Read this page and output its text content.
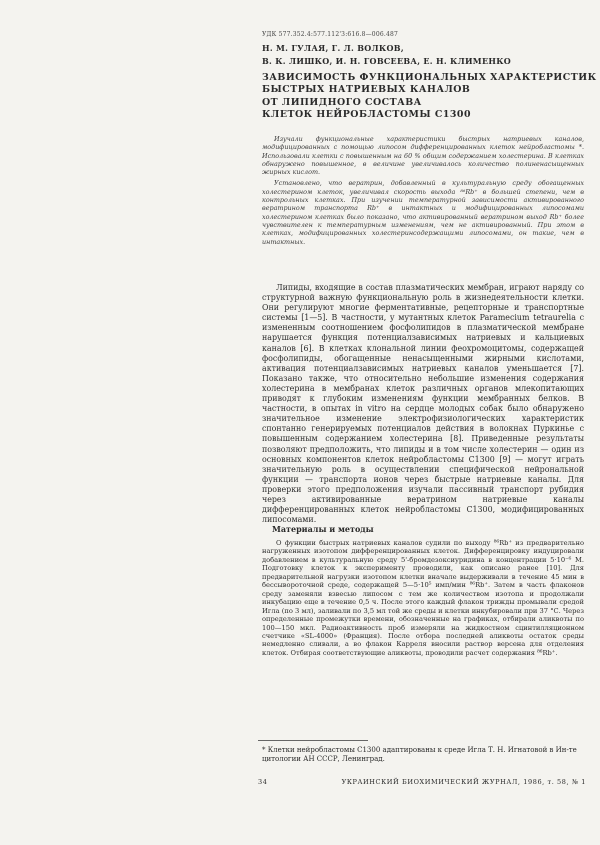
УДК 577.352.4:577.112'3:616.8—006.487
Н. М. ГУЛАЯ, Г. Л. ВОЛКОВ,
В. К. ЛИШКО, И. Н. ГОВСЕЕВА, Е. Н. КЛИМЕНКО
ЗАВИСИМОСТЬ ФУНКЦИОНАЛЬНЫХ ХАРАКТЕРИСТИК
БЫСТРЫХ НАТРИЕВЫХ КАНАЛОВ
ОТ ЛИПИДНОГО СОСТАВА
КЛЕТОК НЕЙРОБЛАСТОМЫ С1300

Изучали функциональные характеристики быстрых натриевых каналов, модифицированных с помощью липосом дифференцированных клеток нейробластомы *. Использовали клетки с повышенным на 60 % общим содержанием холестерина. В клетках обнаружено повышенное, в величине увеличивалось количество полиненасыщенных жирных кислот.

Установлено, что вератрин, добавленный в культуральную среду обогащенных холестерином клеток, увеличивал скорость выхода ⁸⁶Rb⁺ в большей степени, чем в контрольных клетках. При изучении температурной зависимости активированного вератрином транспорта Rb⁺ в интактных и модифицированных липосомами холестерином клетках было показано, что активированный вератрином выход Rb⁺ более чувствителен к температурным изменениям, чем не активированный. При этом в клетках, модифицированных холестеринсодержащими липосомами, он такие, чем в интактных.

Липиды, входящие в состав плазматических мембран, играют наряду со структурной важную функциональную роль в жизнедеятельности клетки. Они регулируют многие ферментативные, рецепторные и транспортные системы [1—5]. В частности, у мутантных клеток Paramecium tetraurelia с измененным соотношением фосфолипидов в плазматической мембране нарушается функция потенциалзависимых натриевых и кальциевых каналов [6]. В клетках клональной линии феохромоцитомы, содержащей фосфолипиды, обогащенные ненасыщенными жирными кислотами, активация потенциалзависимых натриевых каналов уменьшается [7]. Показано также, что относительно небольшие изменения содержания холестерина в мембранах клеток различных органов млекопитающих приводят к глубоким изменениям функции мембранных белков. В частности, в опытах in vitro на сердце молодых собак было обнаружено значительное изменение электрофизиологических характеристик спонтанно генерируемых потенциалов действия в волокнах Пуркинье с повышенным содержанием холестерина [8]. Приведенные результаты позволяют предположить, что липиды и в том числе холестерин — один из основных компонентов клеток нейробластомы С1300 [9] — могут играть значительную роль в осуществлении специфической нейрональной функции — транспорта ионов через быстрые натриевые каналы. Для проверки этого предположения изучали пассивный транспорт рубидия через активированные вератрином натриевые каналы дифференцированных клеток нейробластомы С1300, модифицированных липосомами.

Материалы и методы

О функции быстрых натриевых каналов судили по выходу ⁸⁶Rb⁺ из предварительно нагруженных изотопом дифференцированных клеток. Дифференцировку индуцировали добавлением в культуральную среду 5'-бромдезоксиуридина в концентрации 5·10⁻⁶ М. Подготовку клеток к эксперименту проводили, как описано ранее [10]. Для предварительной нагрузки изотопом клетки вначале выдерживали в течение 45 мин в бессывороточной среде, содержащей 5—5·10⁵ имп/мин ⁸⁶Rb⁺. Затем в часть флаконов среду заменяли взвесью липосом с тем же количеством изотопа и продолжали инкубацию еще в течение 0,5 ч. После этого каждый флакон трижды промывали средой Игла (по 3 мл), заливали по 3,5 мл той же среды и клетки инкубировали при 37 °С. Через определенные промежутки времени, обозначенные на графиках, отбирали аликвоты по 100—150 мкл. Радиоактивность проб измеряли на жидкостном сцинтилляционном счетчике «SL-4000» (Франция). После отбора последней аликвоты остаток среды немедленно сливали, а во флакон Карреля вносили раствор версена для отделения клеток. Отбирая соответствующие аликвоты, проводили расчет содержания ⁸⁶Rb⁺.

* Клетки нейробластомы С1300 адаптированы к среде Игла Т. Н. Игнатовой в Ин-те цитологии АН СССР, Ленинград.
34	УКРАИНСКИЙ БИОХИМИЧЕСКИЙ ЖУРНАЛ, 1986, т. 58, № 1
